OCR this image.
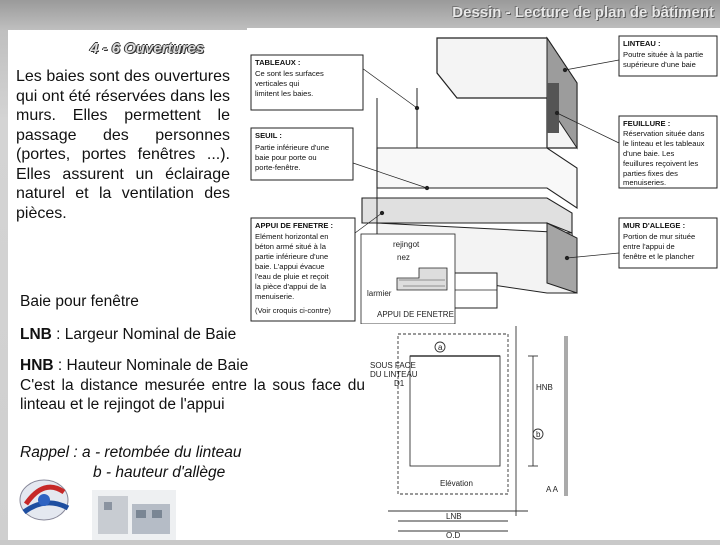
Dessin - Lecture de plan de bâtiment
4 - 6 Ouvertures
Les baies sont des ouvertures qui ont été réservées dans les murs. Elles permettent le passage des personnes (portes, portes fenêtres ...). Elles assurent un éclairage naturel et la ventilation des pièces.
TABLEAUX :
Ce sont les surfaces
verticales qui
limitent les baies.
SEUIL :
Partie inférieure d'une
baie pour porte ou
porte-fenêtre.
APPUI DE FENETRE :
Elément horizontal en
béton armé situé à la
partie inférieure d'une
baie. L'appui évacue
l'eau de pluie et reçoit
la pièce d'appui de la
menuiserie.
(Voir croquis ci-contre)
LINTEAU :
Poutre située à la partie
supérieure d'une baie
FEUILLURE :
Réservation située dans
le linteau et les tableaux
d'une baie. Les
feuillures reçoivent les
parties fixes des
menuiseries.
MUR D'ALLEGE :
Portion de mur située
entre l'appui de
fenêtre et le plancher
rejingot
nez
larmier
APPUI DE FENETRE
Baie pour fenêtre
LNB : Largeur Nominal de Baie
HNB : Hauteur Nominale de Baie
C'est la distance mesurée entre la sous face du linteau et le rejingot de l'appui
Rappel : a - retombée du linteau
b - hauteur d'allège
SOUS FACE
DU LINTEAU
a
b
D1	HNB
Elévation
A A
LNB
O.D
